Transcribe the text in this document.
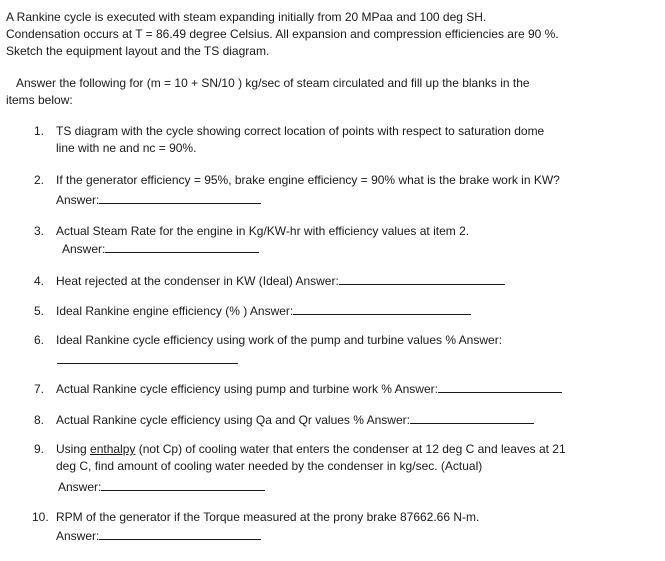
A Rankine cycle is executed with steam expanding initially from 20 MPaa and 100 deg SH.
Condensation occurs at T = 86.49 degree Celsius. All expansion and compression efficiencies are 90 %.
Sketch the equipment layout and the TS diagram.
Answer the following for (m = 10 + SN/10 ) kg/sec of steam circulated and fill up the blanks in the
items below:
1. TS diagram with the cycle showing correct location of points with respect to saturation dome
line with ne and nc = 90%.
2. If the generator efficiency = 95%, brake engine efficiency = 90% what is the brake work in KW?
Answer:
3. Actual Steam Rate for the engine in Kg/KW-hr with efficiency values at item 2.
Answer:
4. Heat rejected at the condenser in KW (Ideal) Answer:
5. Ideal Rankine engine efficiency (% ) Answer:
6. Ideal Rankine cycle efficiency using work of the pump and turbine values % Answer:
7. Actual Rankine cycle efficiency using pump and turbine work % Answer:
8. Actual Rankine cycle efficiency using Qa and Qr values % Answer:
9. Using enthalpy (not Cp) of cooling water that enters the condenser at 12 deg C and leaves at 21
deg C, find amount of cooling water needed by the condenser in kg/sec. (Actual)
Answer:
10. RPM of the generator if the Torque measured at the prony brake 87662.66 N-m.
Answer:
